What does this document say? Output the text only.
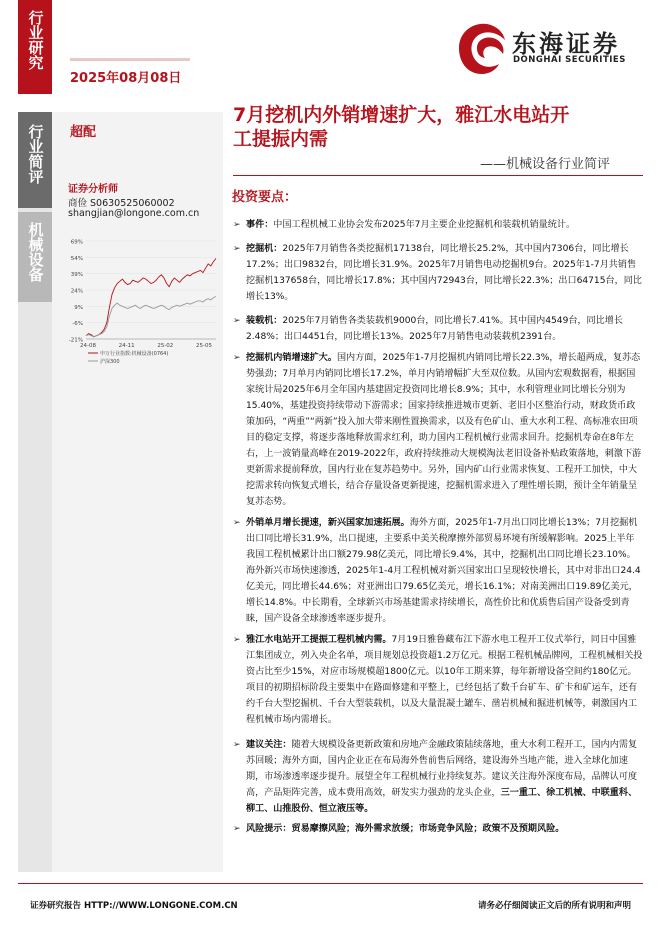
行业研究
行业简评
机械设备
2025年08月08日
超配
证券分析师
商俭 S0630525060002
shangjian@longone.com.cn
69%
54%
39%
24%
9%
-6%
-21%
24-08	24-11	25-02	25-05
申万行业指数:机械设备(0764)
沪深300
东海证券
DONGHAI SECURITIES
7月挖机内外销增速扩大，雅江水电站开
工提振内需
——机械设备行业简评
投资要点：
➢ 事件：中国工程机械工业协会发布2025年7月主要企业挖掘机和装载机销量统计。
➢ 挖掘机：2025年7月销售各类挖掘机17138台，同比增长25.2%，其中国内7306台，同比增长17.2%；出口9832台，同比增长31.9%。2025年7月销售电动挖掘机9台。2025年1-7月共销售挖掘机137658台，同比增长17.8%；其中国内72943台，同比增长22.3%；出口64715台，同比增长13%。
➢ 装载机：2025年7月销售各类装载机9000台，同比增长7.41%。其中国内4549台，同比增长2.48%；出口4451台，同比增长13%。2025年7月销售电动装载机2391台。
➢ 挖掘机内销增速扩大。国内方面，2025年1-7月挖掘机内销同比增长22.3%，增长超两成，复苏态势强劲；7月单月内销同比增长17.2%，单月内销增幅扩大至双位数。从国内宏观数据看，根据国家统计局2025年6月全年国内基建固定投资同比增长8.9%；其中，水利管理业同比增长分别为15.40%，基建投资持续带动下游需求；国家持续推进城市更新、老旧小区整治行动，财政货币政策加码，“两重”“两新”投入加大带来刚性置换需求，以及有色矿山、重大水利工程、高标准农田项目的稳定支撑，将逐步落地释放需求红利，助力国内工程机械行业需求回升。挖掘机寿命在8年左右，上一波销量高峰在2019-2022年，政府持续推动大规模淘汰老旧设备补贴政策落地，刺激下游更新需求提前释放，国内行业在复苏趋势中。另外，国内矿山行业需求恢复、工程开工加快，中大挖需求转向恢复式增长，结合存量设备更新提速，挖掘机需求进入了理性增长期，预计全年销量呈复苏态势。
➢ 外销单月增长提速，新兴国家加速拓展。海外方面，2025年1-7月出口同比增长13%；7月挖掘机出口同比增长31.9%，出口提速，主要系中美关税摩擦外部贸易环境有所缓解影响。2025上半年我国工程机械累计出口额279.98亿美元，同比增长9.4%，其中，挖掘机出口同比增长23.10%。海外新兴市场快速渗透，2025年1-4月工程机械对新兴国家出口呈现较快增长，其中对非出口24.4亿美元，同比增长44.6%；对亚洲出口79.65亿美元，增长16.1%；对南美洲出口19.89亿美元，增长14.8%。中长期看，全球新兴市场基建需求持续增长，高性价比和优质售后国产设备受到青睐，国产设备全球渗透率逐步提升。
➢ 雅江水电站开工提振工程机械内需。7月19日雅鲁藏布江下游水电工程开工仪式举行，同日中国雅江集团成立，列入央企名单，项目规划总投资超1.2万亿元。根据工程机械品牌网，工程机械相关投资占比至少15%，对应市场规模超1800亿元。以10年工期来算，每年新增设备空间约180亿元。项目的初期招标阶段主要集中在路面修建和平整上，已经包括了数千台矿车、矿卡和矿运车，还有约千台大型挖掘机、千台大型装载机，以及大量混凝土罐车、凿岩机械和掘进机械等，刺激国内工程机械市场内需增长。
➢ 建议关注：随着大规模设备更新政策和房地产金融政策陆续落地，重大水利工程开工，国内内需复苏回暖；海外方面，国内企业正在布局海外售前售后网络，建设海外当地产能，进入全球化加速期，市场渗透率逐步提升。展望全年工程机械行业持续复苏。建议关注海外深度布局，品牌认可度高，产品矩阵完善，成本费用高效，研发实力强劲的龙头企业，三一重工、徐工机械、中联重科、柳工、山推股份、恒立液压等。
➢ 风险提示：贸易摩擦风险；海外需求放缓；市场竞争风险；政策不及预期风险。
证券研究报告 HTTP://WWW.LONGONE.COM.CN	请务必仔细阅读正文后的所有说明和声明
